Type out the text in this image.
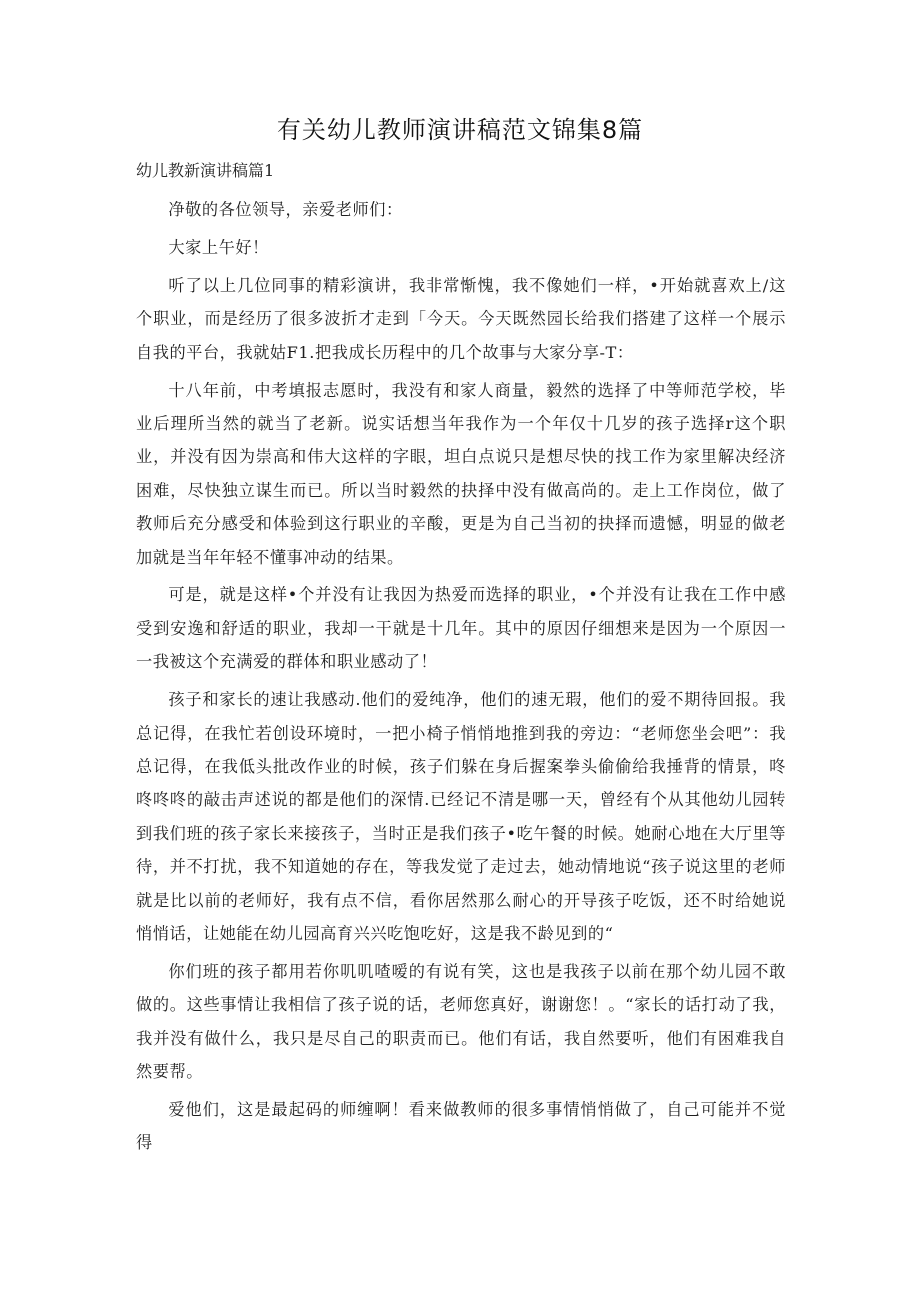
有关幼儿教师演讲稿范文锦集8篇
幼儿教新演讲稿篇1

净敬的各位领导，亲爱老师们：

大家上午好！

听了以上几位同事的精彩演讲，我非常惭愧，我不像她们一样，•开始就喜欢上/这个职业，而是经历了很多波折才走到「今天。今天既然园长给我们搭建了这样一个展示自我的平台，我就姑F1.把我成长历程中的几个故事与大家分享-T：

十八年前，中考填报志愿时，我没有和家人商量，毅然的选择了中等师范学校，毕业后理所当然的就当了老新。说实话想当年我作为一个年仅十几岁的孩子选择r这个职业，并没有因为崇高和伟大这样的字眼，坦白点说只是想尽快的找工作为家里解决经济困难，尽快独立谋生而已。所以当时毅然的抉择中没有做高尚的。走上工作岗位，做了教师后充分感受和体验到这行职业的辛酸，更是为自己当初的抉择而遗憾，明显的做老加就是当年年轻不懂事冲动的结果。

可是，就是这样•个并没有让我因为热爱而选择的职业，•个并没有让我在工作中感受到安逸和舒适的职业，我却一干就是十几年。其中的原因仔细想来是因为一个原因一一我被这个充满爱的群体和职业感动了！

孩子和家长的速让我感动.他们的爱纯净，他们的速无瑕，他们的爱不期待回报。我总记得，在我忙若创设环境时，一把小椅子悄悄地推到我的旁边：“老师您坐会吧”：我总记得，在我低头批改作业的时候，孩子们躲在身后握案拳头偷偷给我捶背的情景，咚咚咚咚的敲击声述说的都是他们的深情.已经记不清是哪一天，曾经有个从其他幼儿园转到我们班的孩子家长来接孩子，当时正是我们孩子•吃午餐的时候。她耐心地在大厅里等待，并不打扰，我不知道她的存在，等我发觉了走过去，她动情地说“孩子说这里的老师就是比以前的老师好，我有点不信，看你居然那么耐心的开导孩子吃饭，还不时给她说悄悄话，让她能在幼儿园高育兴兴吃饱吃好，这是我不龄见到的“

你们班的孩子都用若你叽叽喳嗳的有说有笑，这也是我孩子以前在那个幼儿园不敢做的。这些事情让我相信了孩子说的话，老师您真好，谢谢您！。“家长的话打动了我，我并没有做什么，我只是尽自己的职责而已。他们有话，我自然要听，他们有困难我自然要帮。

爱他们，这是最起码的师缠啊！看来做教师的很多事情悄悄做了，自己可能并不觉得
